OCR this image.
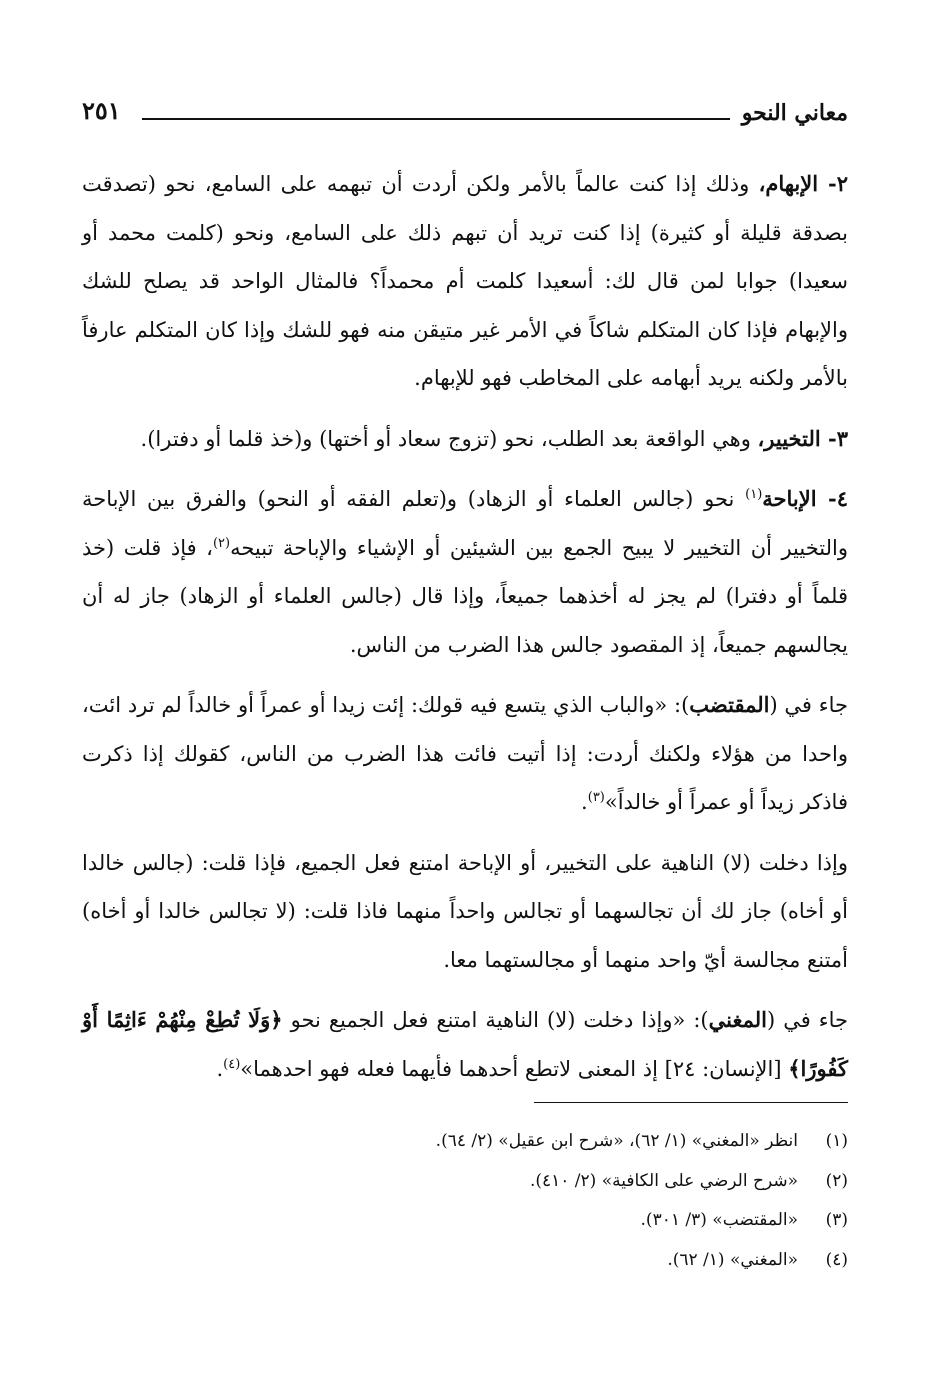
معاني النحو
٢٥١

٢- الإبهام، وذلك إذا كنت عالماً بالأمر ولكن أردت أن تبهمه على السامع، نحو (تصدقت بصدقة قليلة أو كثيرة) إذا كنت تريد أن تبهم ذلك على السامع، ونحو (كلمت محمد أو سعيدا) جوابا لمن قال لك: أسعيدا كلمت أم محمداً؟ فالمثال الواحد قد يصلح للشك والإبهام فإذا كان المتكلم شاكاً في الأمر غير متيقن منه فهو للشك وإذا كان المتكلم عارفاً بالأمر ولكنه يريد أبهامه على المخاطب فهو للإبهام.

٣- التخيير، وهي الواقعة بعد الطلب، نحو (تزوج سعاد أو أختها) و(خذ قلما أو دفترا).

٤- الإباحة$^{(١)}$ نحو (جالس العلماء أو الزهاد) و(تعلم الفقه أو النحو) والفرق بين الإباحة والتخيير أن التخيير لا يبيح الجمع بين الشيئين أو الإشياء والإباحة تبيحه$^{(٢)}$، فإذ قلت (خذ قلماً أو دفترا) لم يجز له أخذهما جميعاً، وإذا قال (جالس العلماء أو الزهاد) جاز له أن يجالسهم جميعاً، إذ المقصود جالس هذا الضرب من الناس.

جاء في (المقتضب): «والباب الذي يتسع فيه قولك: إئت زيدا أو عمراً أو خالداً لم ترد ائت، واحدا من هؤلاء ولكنك أردت: إذا أتيت فائت هذا الضرب من الناس، كقولك إذا ذكرت فاذكر زيداً أو عمراً أو خالداً»$^{(٣)}$.

وإذا دخلت (لا) الناهية على التخيير، أو الإباحة امتنع فعل الجميع، فإذا قلت: (جالس خالدا أو أخاه) جاز لك أن تجالسهما أو تجالس واحداً منهما فاذا قلت: (لا تجالس خالدا أو أخاه) أمتنع مجالسة أيّ واحد منهما أو مجالستهما معا.

جاء في (المغني): «وإذا دخلت (لا) الناهية امتنع فعل الجميع نحو ﴿وَلَا تُطِعْ مِنْهُمْ ءَاثِمًا أَوْ كَفُورًا﴾ [الإنسان: ٢٤] إذ المعنى لاتطع أحدهما فأيهما فعله فهو احدهما»$^{(٤)}$.

(١)انظر «المغني» (١/ ٦٢)، «شرح ابن عقيل» (٢/ ٦٤).
(٢)«شرح الرضي على الكافية» (٢/ ٤١٠).
(٣)«المقتضب» (٣/ ٣٠١).
(٤)«المغني» (١/ ٦٢).
